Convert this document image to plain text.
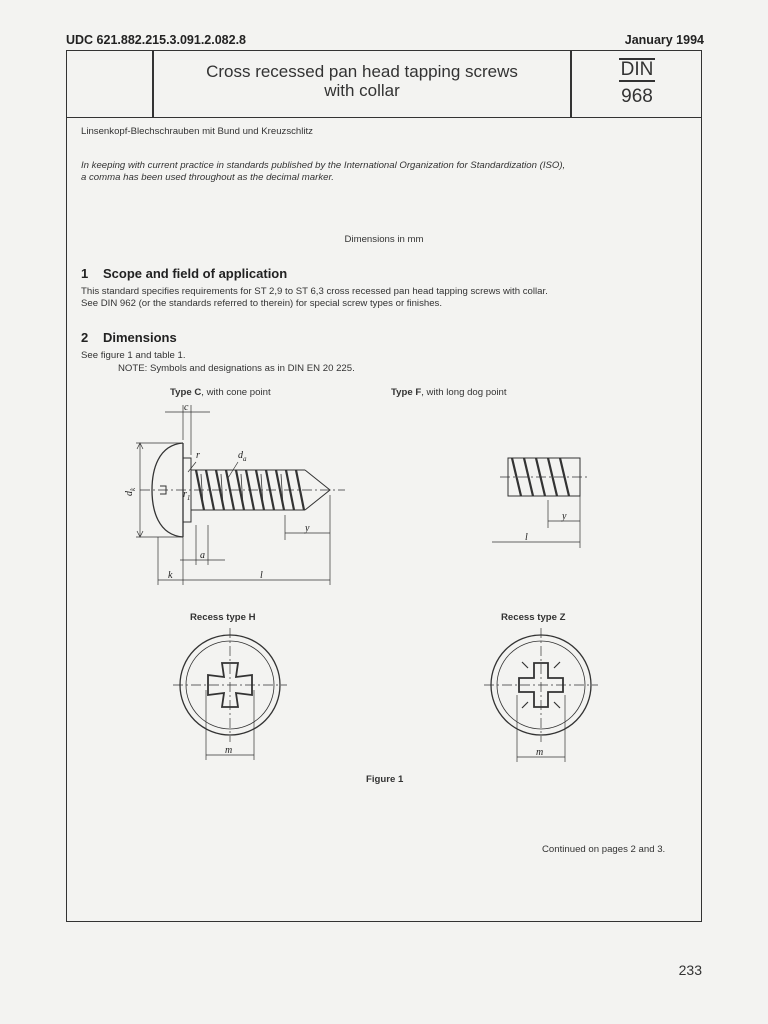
UDC 621.882.215.3.091.2.082.8	January 1994
Cross recessed pan head tapping screws
with collar
DIN
968
Linsenkopf-Blechschrauben mit Bund und Kreuzschlitz
In keeping with current practice in standards published by the International Organization for Standardization (ISO),
a comma has been used throughout as the decimal marker.
Dimensions in mm
1 Scope and field of application
This standard specifies requirements for ST 2,9 to ST 6,3 cross recessed pan head tapping screws with collar.
See DIN 962 (or the standards referred to therein) for special screw types or finishes.
2 Dimensions
See figure 1 and table 1.
NOTE: Symbols and designations as in DIN EN 20 225.
Type C, with cone point	Type F, with long dog point
c
r	$d_a$
$d_k$	$r_1$
y
a
k	l
y
l
m	m
Recess type H	Recess type Z
Figure 1
Continued on pages 2 and 3.
233
